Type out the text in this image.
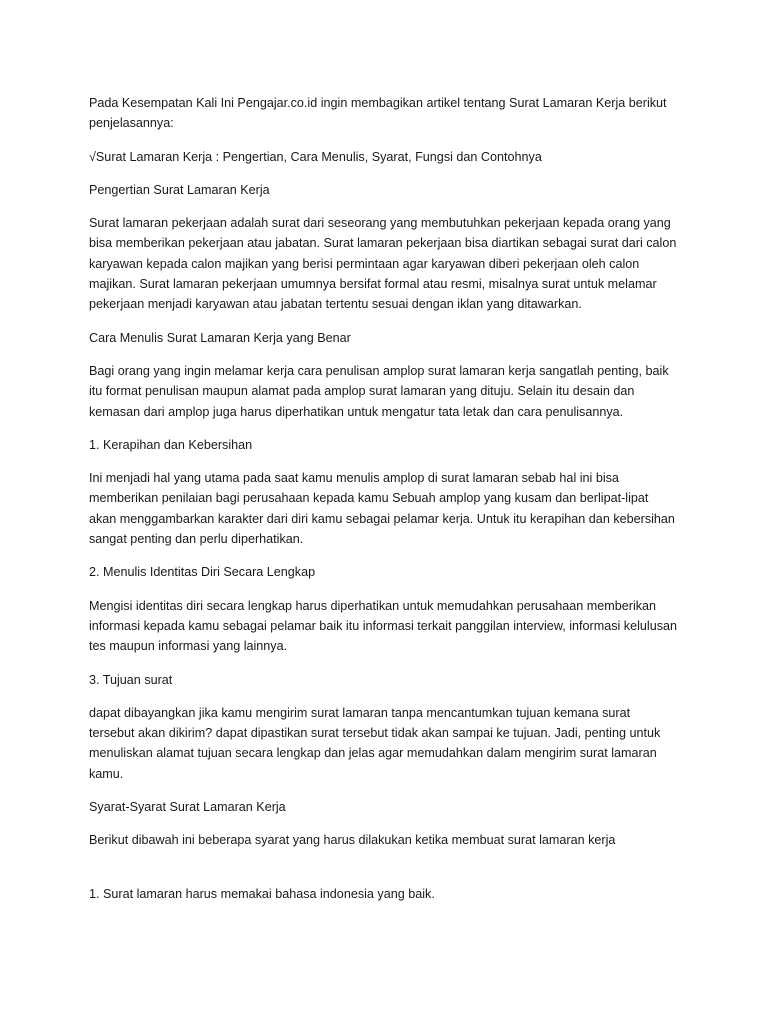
Pada Kesempatan Kali Ini Pengajar.co.id ingin membagikan artikel tentang Surat Lamaran Kerja berikut penjelasannya:

√Surat Lamaran Kerja : Pengertian, Cara Menulis, Syarat, Fungsi dan Contohnya

Pengertian Surat Lamaran Kerja

Surat lamaran pekerjaan adalah surat dari seseorang yang membutuhkan pekerjaan kepada orang yang bisa memberikan pekerjaan atau jabatan. Surat lamaran pekerjaan bisa diartikan sebagai surat dari calon karyawan kepada calon majikan yang berisi permintaan agar karyawan diberi pekerjaan oleh calon majikan. Surat lamaran pekerjaan umumnya bersifat formal atau resmi, misalnya surat untuk melamar pekerjaan menjadi karyawan atau jabatan tertentu sesuai dengan iklan yang ditawarkan.

Cara Menulis Surat Lamaran Kerja yang Benar

Bagi orang yang ingin melamar kerja cara penulisan amplop surat lamaran kerja sangatlah penting, baik itu format penulisan maupun alamat pada amplop surat lamaran yang dituju. Selain itu desain dan kemasan dari amplop juga harus diperhatikan untuk mengatur tata letak dan cara penulisannya.

1. Kerapihan dan Kebersihan

Ini menjadi hal yang utama pada saat kamu menulis amplop di surat lamaran sebab hal ini bisa memberikan penilaian bagi perusahaan kepada kamu Sebuah amplop yang kusam dan berlipat-lipat akan menggambarkan karakter dari diri kamu sebagai pelamar kerja. Untuk itu kerapihan dan kebersihan sangat penting dan perlu diperhatikan.

2. Menulis Identitas Diri Secara Lengkap

Mengisi identitas diri secara lengkap harus diperhatikan untuk memudahkan perusahaan memberikan informasi kepada kamu sebagai pelamar baik itu informasi terkait panggilan interview, informasi kelulusan tes maupun informasi yang lainnya.

3. Tujuan surat

dapat dibayangkan jika kamu mengirim surat lamaran tanpa mencantumkan tujuan kemana surat tersebut akan dikirim? dapat dipastikan surat tersebut tidak akan sampai ke tujuan. Jadi, penting untuk menuliskan alamat tujuan secara lengkap dan jelas agar memudahkan dalam mengirim surat lamaran kamu.

Syarat-Syarat Surat Lamaran Kerja

Berikut dibawah ini beberapa syarat yang harus dilakukan ketika membuat surat lamaran kerja

1. Surat lamaran harus memakai bahasa indonesia yang baik.
